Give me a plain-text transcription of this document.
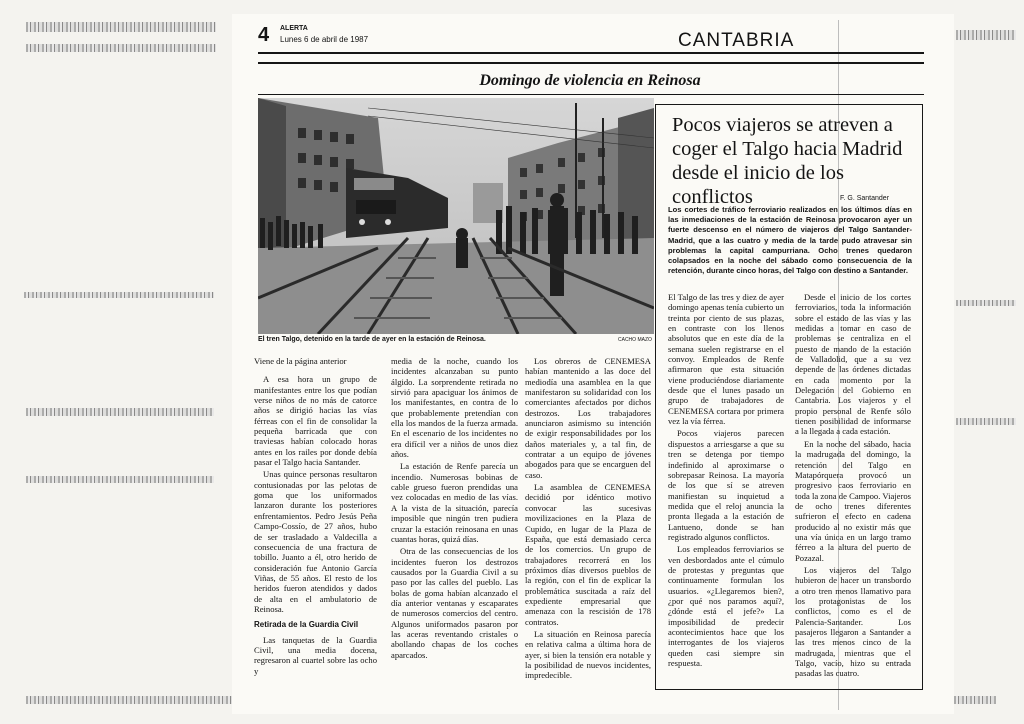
4 ALERTA
Lunes 6 de abril de 1987	CANTABRIA
Domingo de violencia en Reinosa
El tren Talgo, detenido en la tarde de ayer en la estación de Reinosa.	CACHO MAZO

Viene de la página anterior

A esa hora un grupo de manifestantes entre los que podían verse niños de no más de catorce años se dirigió hacias las vías férreas con el fin de consolidar la pequeña barricada que con traviesas habían colocado horas antes en los railes por donde debía pasar el Talgo hacia Santander.

Unas quince personas resultaron contusionadas por las pelotas de goma que los uniformados lanzaron durante los posteriores enfrentamientos. Pedro Jesús Peña Campo-Cossío, de 27 años, hubo de ser trasladado a Valdecilla a consecuencia de una fractura de tobillo. Juanto a él, otro herido de consideración fue Antonio García Viñas, de 55 años. El resto de los heridos fueron atendidos y dados de alta en el ambulatorio de Reinosa.

Retirada de la Guardia Civil

Las tanquetas de la Guardia Civil, una media docena, regresaron al cuartel sobre las ocho y

media de la noche, cuando los incidentes alcanzaban su punto álgido. La sorprendente retirada no sirvió para apaciguar los ánimos de los manifestantes, en contra de lo que probablemente pretendían con ella los mandos de la fuerza armada. En el escenario de los incidentes no era difícil ver a niños de unos diez años.

La estación de Renfe parecía un incendio. Numerosas bobinas de cable grueso fueron prendidas una vez colocadas en medio de las vías. A la vista de la situación, parecía imposible que ningún tren pudiera cruzar la estación reinosana en unas cuantas horas, quizá días.

Otra de las consecuencias de los incidentes fueron los destrozos causados por la Guardia Civil a su paso por las calles del pueblo. Las bolas de goma habían alcanzado el día anterior ventanas y escaparates de numerosos comercios del centro. Algunos uniformados pasaron por las aceras reventando cristales o abollando chapas de los coches aparcados.

Los obreros de CENEMESA habían mantenido a las doce del mediodía una asamblea en la que manifestaron su solidaridad con los comerciantes afectados por dichos destrozos. Los trabajadores anunciaron asimismo su intención de exigir responsabilidades por los daños materiales y, a tal fin, de contratar a un equipo de jóvenes abogados para que se encarguen del caso.

La asamblea de CENEMESA decidió por idéntico motivo convocar las sucesivas movilizaciones en la Plaza de Cupido, en lugar de la Plaza de España, que está demasiado cerca de los comercios. Un grupo de trabajadores recorrerá en los próximos días diversos pueblos de la región, con el fin de explicar la problemática suscitada a raíz del expediente empresarial que amenaza con la rescisión de 178 contratos.

La situación en Reinosa parecía en relativa calma a última hora de ayer, si bien la tensión era notable y la posibilidad de nuevos incidentes, impredecible.

Pocos viajeros se atreven a coger el Talgo hacia Madrid desde el inicio de los conflictos	F. G. Santander
Los cortes de tráfico ferroviario realizados en los últimos días en las inmediaciones de la estación de Reinosa provocaron ayer un fuerte descenso en el número de viajeros del Talgo Santander-Madrid, que a las cuatro y media de la tarde pudo atravesar sin problemas la capital campurriana. Ocho trenes quedaron colapsados en la noche del sábado como consecuencia de la retención, durante cinco horas, del Talgo con destino a Santander.

El Talgo de las tres y diez de ayer domingo apenas tenía cubierto un treinta por ciento de sus plazas, en contraste con los llenos absolutos que en este día de la semana suelen registrarse en el convoy. Empleados de Renfe afirmaron que esta situación viene produciéndose diariamente desde que el lunes pasado un grupo de trabajadores de CENEMESA cortara por primera vez la vía férrea.

Pocos viajeros parecen dispuestos a arriesgarse a que su tren se detenga por tiempo indefinido al aproximarse o sobrepasar Reinosa. La mayoría de los que sí se atreven manifiestan su inquietud a medida que el reloj anuncia la pronta llegada a la estación de Lantueno, donde se han registrado algunos conflictos.

Los empleados ferroviarios se ven desbordados ante el cúmulo de protestas y preguntas que continuamente formulan los usuarios. «¿Llegaremos bien?, ¿por qué nos paramos aquí?, ¿dónde está el jefe?» La imposibilidad de predecir acontecimientos hace que los interrogantes de los viajeros queden casi siempre sin respuesta.

Desde el inicio de los cortes ferroviarios, toda la información sobre el estado de las vías y las medidas a tomar en caso de problemas se centraliza en el puesto de mando de la estación de Valladolid, que a su vez depende de las órdenes dictadas en cada momento por la Delegación del Gobierno en Cantabria. Los viajeros y el propio personal de Renfe sólo tienen posibilidad de informarse a la llegada a cada estación.

En la noche del sábado, hacia la madrugada del domingo, la retención del Talgo en Matapórquera provocó un progresivo caos ferroviario en toda la zona de Campoo. Viajeros de ocho trenes diferentes sufrieron el efecto en cadena producido al no existir más que una vía única en un largo tramo férreo a la altura del puerto de Pozazal.

Los viajeros del Talgo hubieron de hacer un transbordo a otro tren menos llamativo para los protagonistas de los conflictos, como es el de Palencia-Santander. Los pasajeros llegaron a Santander a las tres menos cinco de la madrugada, mientras que el Talgo, vacío, hizo su entrada pasadas las cuatro.
